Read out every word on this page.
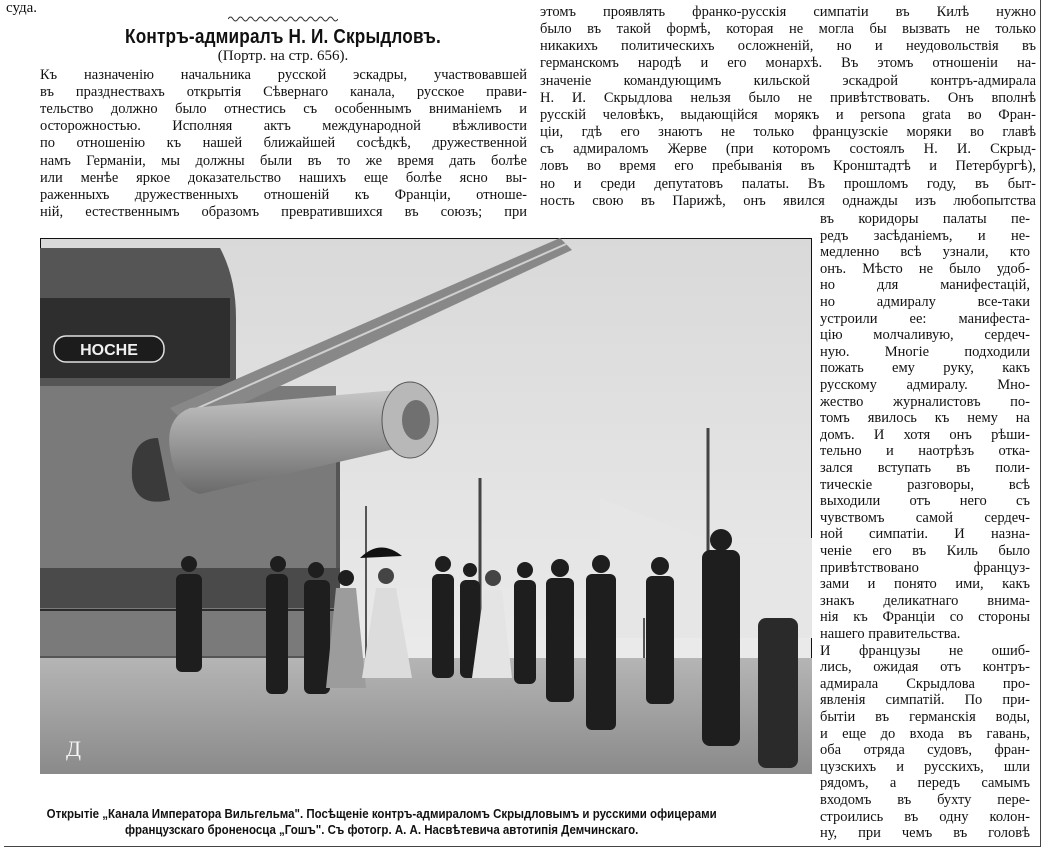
суда.
Контръ-адмиралъ Н. И. Скрыдловъ.
(Портр. на стр. 656).
Къ назначенію начальника русской эскадры, участвовавшей
въ празднествахъ открытія Сѣвернаго канала, русское прави-
тельство должно было отнестись съ особеннымъ вниманіемъ и
осторожностью. Исполняя актъ международной вѣжливости
по отношенію къ нашей ближайшей сосѣдкѣ, дружественной
намъ Германіи, мы должны были въ то же время дать болѣе
или менѣе яркое доказательство нашихъ еще болѣе ясно вы-
раженныхъ дружественныхъ отношеній къ Франціи, отноше-
ній, естественнымъ образомъ превратившихся въ союзъ; при
этомъ проявлять франко-русскія симпатіи въ Килѣ нужно
было въ такой формѣ, которая не могла бы вызвать не только
никакихъ политическихъ осложненій, но и неудовольствія въ
германскомъ народѣ и его монархѣ. Въ этомъ отношеніи на-
значеніе командующимъ кильской эскадрой контръ-адмирала
Н. И. Скрыдлова нельзя было не привѣтствовать. Онъ вполнѣ
русскій человѣкъ, выдающійся морякъ и persona grata во Фран-
ціи, гдѣ его знаютъ не только французскіе моряки во главѣ
съ адмираломъ Жерве (при которомъ состоялъ Н. И. Скрыд-
ловъ во время его пребыванія въ Кронштадтѣ и Петербургѣ),
но и среди депутатовъ палаты. Въ прошломъ году, въ быт-
ность свою въ Парижѣ, онъ явился однажды изъ любопытства
въ коридоры палаты пе-
редъ засѣданіемъ, и не-
медленно всѣ узнали, кто
онъ. Мѣсто не было удоб-
но для манифестацій,
но адмиралу все-таки
устроили ее: манифеста-
цію молчаливую, сердеч-
ную. Многіе подходили
пожать ему руку, какъ
русскому адмиралу. Мно-
жество журналистовъ по-
томъ явилось къ нему на
домъ. И хотя онъ рѣши-
тельно и наотрѣзъ отка-
зался вступать въ поли-
тическіе разговоры, всѣ
выходили отъ него съ
чувствомъ самой сердеч-
ной симпатіи. И назна-
ченіе его въ Киль было
привѣтствовано француз-
зами и понято ими, какъ
знакъ деликатнаго внима-
нія къ Франціи со стороны
нашего правительства.
И французы не ошиб-
лись, ожидая отъ контръ-
адмирала Скрыдлова про-
явленія симпатій. По при-
бытіи въ германскія воды,
и еще до входа въ гавань,
оба отряда судовъ, фран-
цузскихъ и русскихъ, шли
рядомъ, а передъ самымъ
входомъ въ бухту пере-
строились въ одну колон-
ну, при чемъ въ головѣ
HOCHE
Д
Открытіе „Канала Императора Вильгельма". Посѣщеніе контръ-адмираломъ Скрыдловымъ и русскими офицерами
французскаго броненосца „Гошъ". Съ фотогр. А. А. Насвѣтевича автотипія Демчинскаго.
